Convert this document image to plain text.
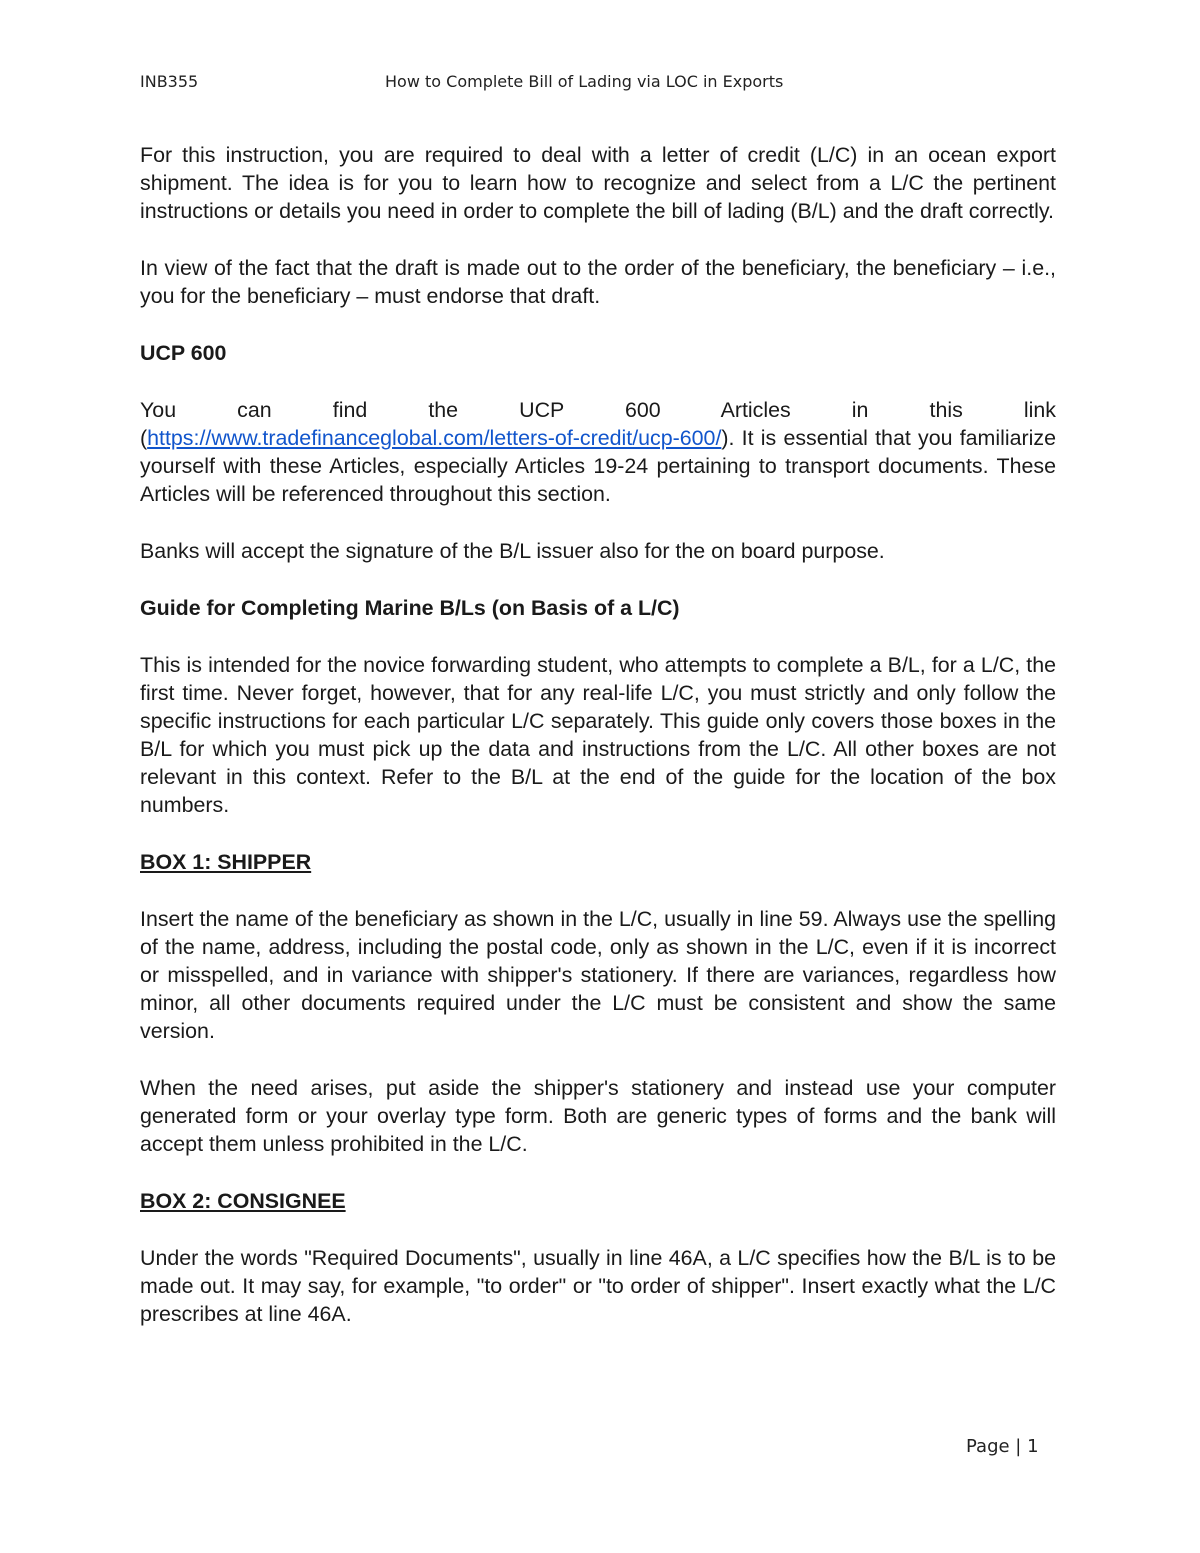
INB355	How to Complete Bill of Lading via LOC in Exports

For this instruction, you are required to deal with a letter of credit (L/C) in an ocean export shipment. The idea is for you to learn how to recognize and select from a L/C the pertinent instructions or details you need in order to complete the bill of lading (B/L) and the draft correctly.

In view of the fact that the draft is made out to the order of the beneficiary, the beneficiary – i.e., you for the beneficiary – must endorse that draft.

UCP 600

You can find the UCP 600 Articles in this link
(https://www.tradefinanceglobal.com/letters-of-credit/ucp-600/). It is essential that you familiarize yourself with these Articles, especially Articles 19-24 pertaining to transport documents. These Articles will be referenced throughout this section.

Banks will accept the signature of the B/L issuer also for the on board purpose.

Guide for Completing Marine B/Ls (on Basis of a L/C)

This is intended for the novice forwarding student, who attempts to complete a B/L, for a L/C, the first time. Never forget, however, that for any real-life L/C, you must strictly and only follow the specific instructions for each particular L/C separately. This guide only covers those boxes in the B/L for which you must pick up the data and instructions from the L/C. All other boxes are not relevant in this context. Refer to the B/L at the end of the guide for the location of the box numbers.

BOX 1: SHIPPER

Insert the name of the beneficiary as shown in the L/C, usually in line 59. Always use the spelling of the name, address, including the postal code, only as shown in the L/C, even if it is incorrect or misspelled, and in variance with shipper's stationery. If there are variances, regardless how minor, all other documents required under the L/C must be consistent and show the same version.

When the need arises, put aside the shipper's stationery and instead use your computer generated form or your overlay type form. Both are generic types of forms and the bank will accept them unless prohibited in the L/C.

BOX 2: CONSIGNEE

Under the words "Required Documents", usually in line 46A, a L/C specifies how the B/L is to be made out. It may say, for example, "to order" or "to order of shipper". Insert exactly what the L/C prescribes at line 46A.

Page | 1
